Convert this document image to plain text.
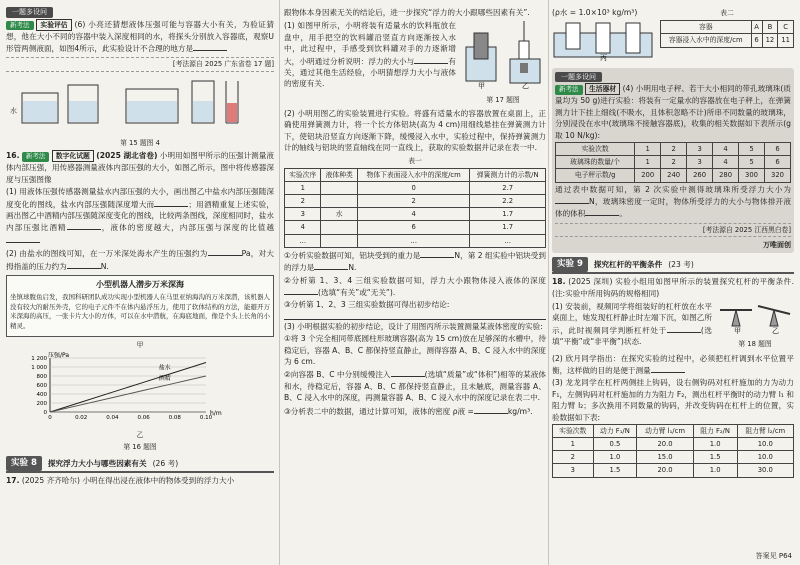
一题多设问

新考法 实验评估 (6) 小亮还猜想液体压强可能与容器大小有关，为验证猜想，他在大小不同的容器中装入深度相同的水，将探头分别放入容器底，观察U形管两侧液面，如图4所示，此实验设计不合理的地方是

[考法源自 2025 广东省卷 17 题]
水
第 15 题图 4

16. 新考法 数字化试题 (2025 湖北省卷) 小明用如图甲所示的压强计测量液体内部压强，用传感器测量液体内部压强的大小，如图乙所示，图中将传感器深度与压强图像

(1) 用液体压强传感器测量盐水内部压强的大小，画出图乙中盐水内部压强随深度变化的图线，盐水内部压强随深度增大而	；用酒精重复上述实验，画出图乙中酒精内部压强随深度变化的图线，比较两条图线，深度相同时，盐水内部压强比酒精	，液体的密度越大，内部压强与深度的比值越

(2) 由盐水的图线可知，在一万米深处海水产生的压强约为	Pa，对大拇指盖的压力约为	N.

小型机器人潜步万米深海

坐镇球腹鱼启发，我国科研团队成功实现小型机器人在马里亚纳海沟的万米深潜，该机器人没有较大的耐压外壳，它的电子元件不在体内悬浮压力，使用了软体结构的方法，能避开万米深海的高压，一张卡片大小的方体，可以在水中潜航，在海底地面，像是个头上长角的小精灵。

甲
0
200
400
600
800
1 000
1 200
0	0.02	0.04	0.06	0.08	0.10
压强/Pa
h/m
盐水
酒精
乙
第 16 题图
实验 8	探究浮力大小与哪些因素有关 (26 考)

17. (2025 齐齐哈尔) 小明在得出浸在液体中的物体受到的浮力大小

跟物体本身因素无关的结论后，进一步探究“浮力的大小跟哪些因素有关”.

(1) 如图甲所示，小明将装有适量水的饮料瓶放在盘中，用手把空的饮料罐沿竖直方向逐渐按入水中，此过程中，手感受到饮料罐对手的力逐渐增大，小明通过分析说明：浮力的大小与	有关，通过其他生活经验，小明猜想浮力大小与液体的密度有关.	甲	乙
第 17 题图

(2) 小明用图乙的实验装置进行实验。将盛有适量水的容器放置在桌面上，正确使用弹簧测力计，将一个长方体铝块(高为 4 cm)用细线悬挂在弹簧测力计下，使铝块沿竖直方向逐渐下降，缓慢浸入水中，实验过程中，保持弹簧测力计的轴线与铝块的竖直轴线在同一直线上，获取的实验数据并记录在表一中.

表一
实验次序	液体种类	物体下表面浸入水中的深度/cm	弹簧测力计的示数/N
1		0	2.7
2		2	2.2
3	水	4	1.7
4		6	1.7
…		…	…

①分析实验数据可知，铝块受到的重力是	N，第 2 组实验中铝块受到的浮力是	N.

②分析第 1、3、4 三组实验数据可知，浮力大小跟物体浸入液体的深度(选填“有关”或“无关”).

③分析第 1、2、3 三组实验数据可得出初步结论:

(3) 小明根据实验的初步结论，设计了用图丙所示装置测量某液体密度的实验:

①将 3 个完全相同带底圆柱形玻璃容器(高为 15 cm)放在足够深的水槽中，待稳定后，容器 A、B、C 都保持竖直静止，测得容器 A、B、C 浸入水中的深度为 6 cm.

②向容器 B、C 中分别缓慢注入	(选填“质量”或“体积”)相等的某液体和水，待稳定后，容器 A、B、C 都保持竖直静止，且未触底，测量容器 A、B、C 浸入水中的深度，再测量容器 A、B、C 浸入水中的深度记录在表二中.

③分析表二中的数据，通过计算可知，液体的密度 ρ液 =	kg/m³.

(ρ水 = 1.0×10³ kg/m³)

丙
表二
容器	A	B	C
容器浸入水中的深度/cm	6	12	11
一题多设问

新考法 生活器材 (4) 小明用电子秤、若干大小相同的带孔玻璃珠(质量均为 50 g)进行实验：将装有一定量水的容器放在电子秤上，在弹簧测力计下挂上细线(不吸水，且体积忽略不计)所串不同数量的玻璃珠，分别浸没在水中(玻璃珠不接触容器底)，收集的相关数据如下表所示(g 取 10 N/kg):

实验次数	1	2	3	4	5	6
玻璃珠的数量/个	1	2	3	4	5	6
电子秤示数/g	200	240	260	280	300	320

通过表中数据可知，第 2 次实验中测得玻璃珠所受浮力大小为N，玻璃珠密度一定时，物体所受浮力的大小与物体排开液体的体积	。

[考法源自 2025 江西黑白卷]
万唯面创
实验 9	探究杠杆的平衡条件 (23 考)

18. (2025 深圳) 实验小组用如图甲所示的装置探究杠杆的平衡条件.(注:实验中所用钩码的规格相同)

(1) 安装前，视频同学将组装好的杠杆放在水平桌面上，她发现杠杆静止时左端下沉，如图乙所示，此时视频同学判断杠杆处于	(选填“平衡”或“非平衡”)状态.

甲	乙
第 18 题图

(2) 欣月同学指出：在探究实验的过程中，必须把杠杆调到水平位置平衡，这样做的目的是便于测量

(3) 龙龙同学在杠杆两侧挂上钩码，设右侧钩码对杠杆施加的力为动力 F₁，左侧钩码对杠杆施加的力为阻力 F₂，测出杠杆平衡时的动力臂 l₁ 和阻力臂 l₂；多次换用不同数量的钩码，并改变钩码在杠杆上的位置，实验数据如下表:

实验次数	动力 F₁/N	动力臂 l₁/cm	阻力 F₂/N	阻力臂 l₂/cm
1	0.5	20.0	1.0	10.0
2	1.0	15.0	1.5	10.0
3	1.5	20.0	1.0	30.0
答案见 P64
